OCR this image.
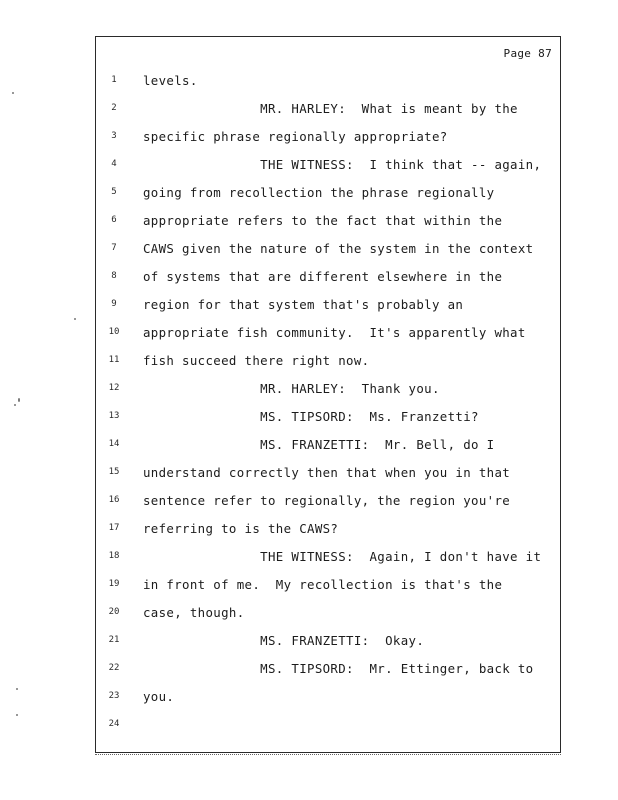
Page 87
1	levels.
2	MR. HARLEY:  What is meant by the
3	specific phrase regionally appropriate?
4	THE WITNESS:  I think that -- again,
5	going from recollection the phrase regionally
6	appropriate refers to the fact that within the
7	CAWS given the nature of the system in the context
8	of systems that are different elsewhere in the
9	region for that system that's probably an
10	appropriate fish community.  It's apparently what
11	fish succeed there right now.
12	MR. HARLEY:  Thank you.
13	MS. TIPSORD:  Ms. Franzetti?
14	MS. FRANZETTI:  Mr. Bell, do I
15	understand correctly then that when you in that
16	sentence refer to regionally, the region you're
17	referring to is the CAWS?
18	THE WITNESS:  Again, I don't have it
19	in front of me.  My recollection is that's the
20	case, though.
21	MS. FRANZETTI:  Okay.
22	MS. TIPSORD:  Mr. Ettinger, back to
23	you.
24
